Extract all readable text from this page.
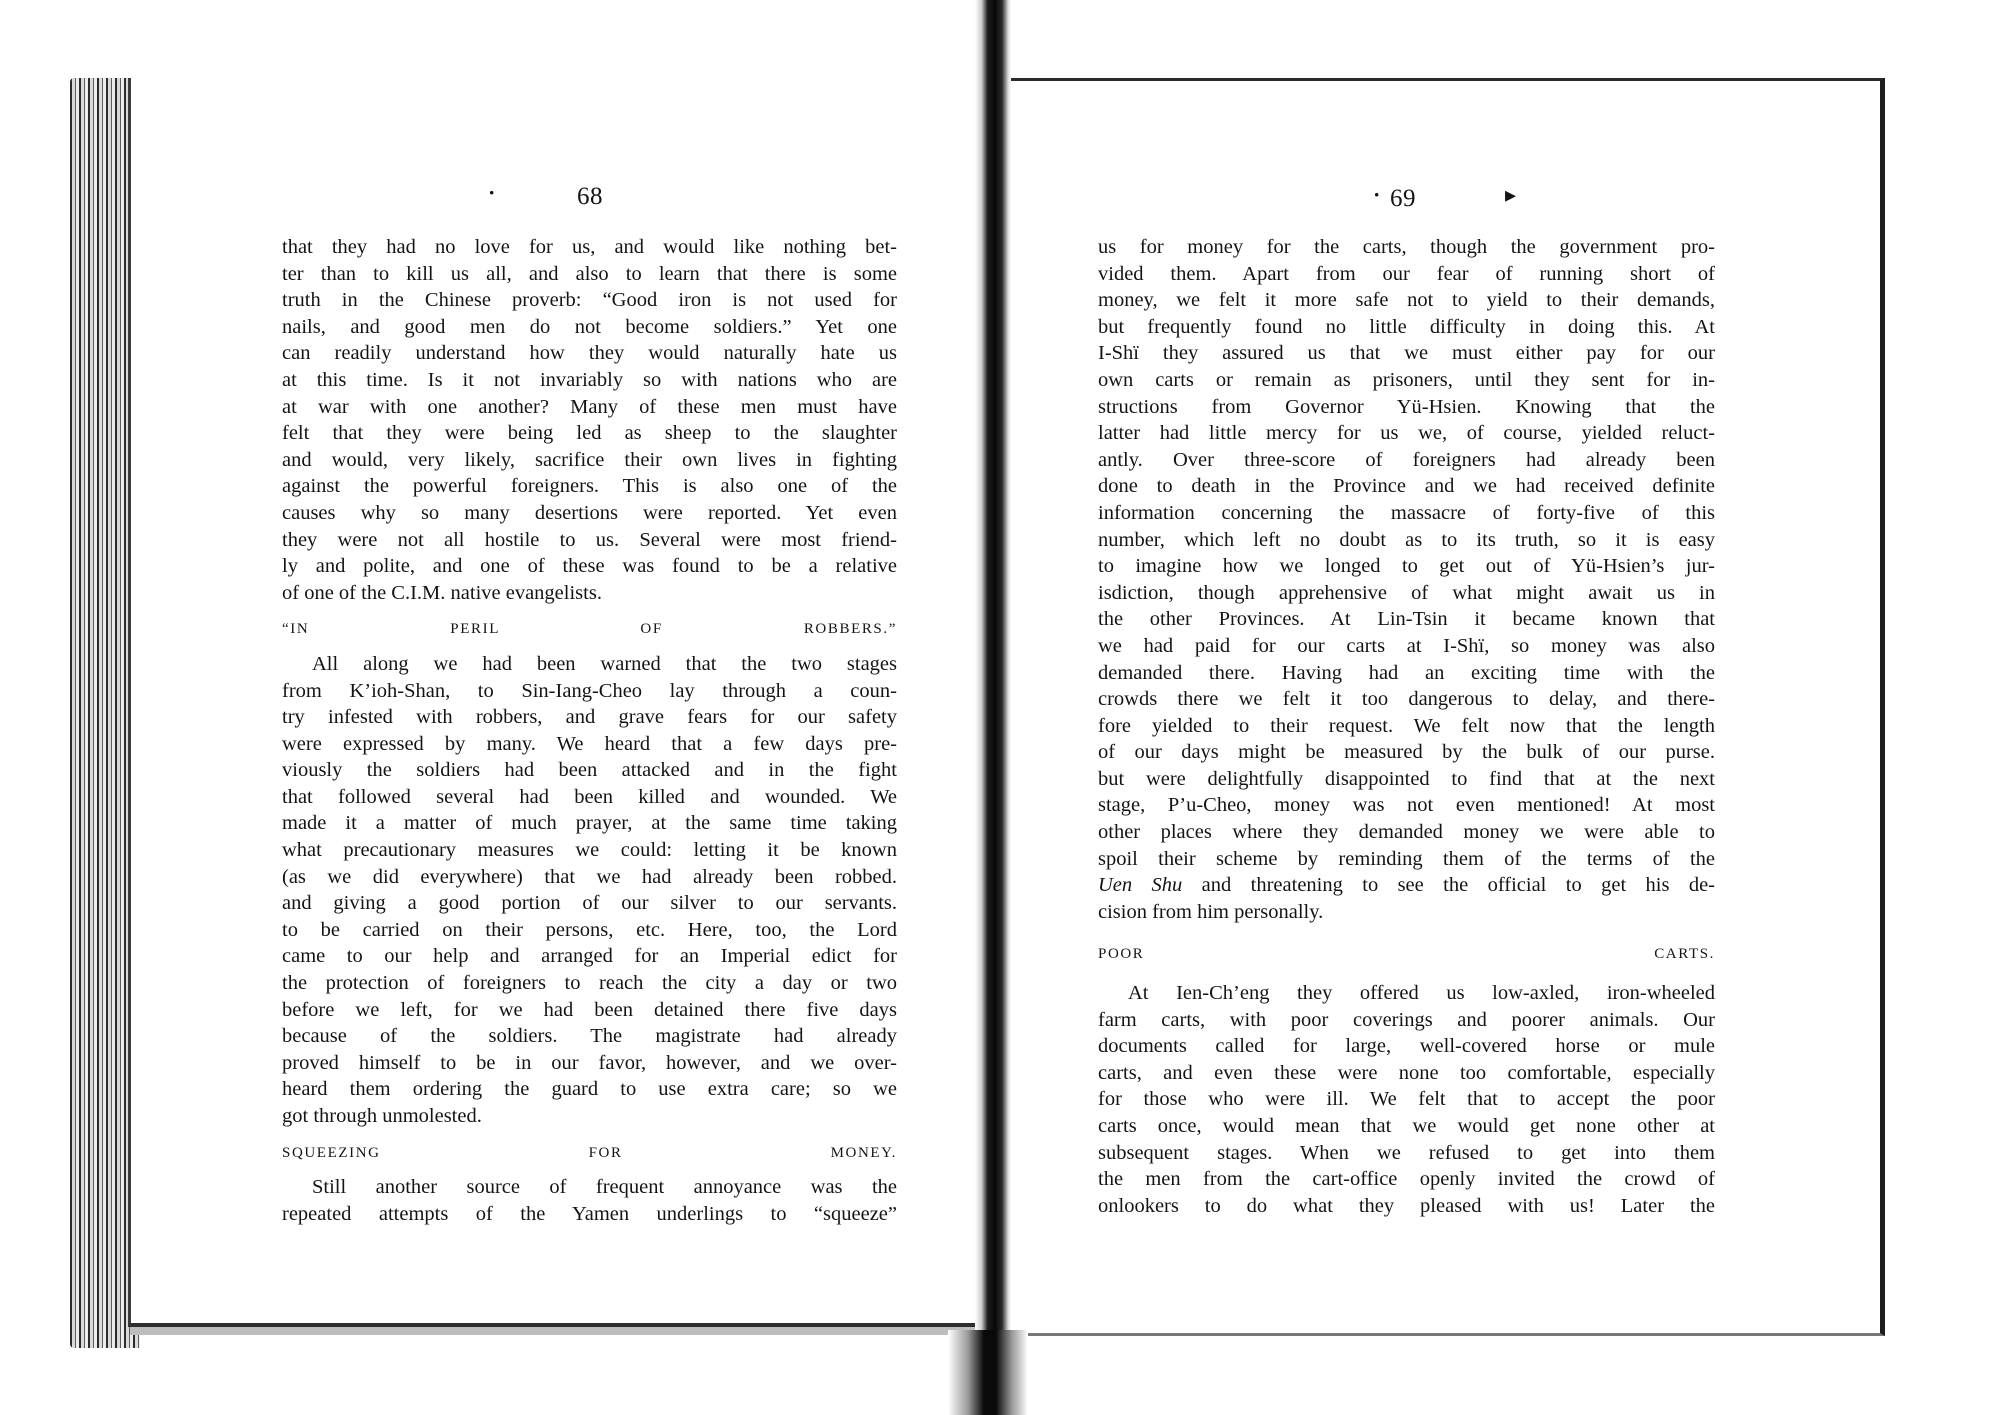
·	68	· 69	▸
that they had no love for us, and would like nothing bet-
ter than to kill us all, and also to learn that there is some
truth in the Chinese proverb: “Good iron is not used for
nails, and good men do not become soldiers.” Yet one
can readily understand how they would naturally hate us
at this time. Is it not invariably so with nations who are
at war with one another? Many of these men must have
felt that they were being led as sheep to the slaughter
and would, very likely, sacrifice their own lives in fighting
against the powerful foreigners. This is also one of the
causes why so many desertions were reported. Yet even
they were not all hostile to us. Several were most friend-
ly and polite, and one of these was found to be a relative
of one of the C.I.M. native evangelists.
“IN PERIL OF ROBBERS.”
All along we had been warned that the two stages
from K’ioh-Shan, to Sin-Iang-Cheo lay through a coun-
try infested with robbers, and grave fears for our safety
were expressed by many. We heard that a few days pre-
viously the soldiers had been attacked and in the fight
that followed several had been killed and wounded. We
made it a matter of much prayer, at the same time taking
what precautionary measures we could: letting it be known
(as we did everywhere) that we had already been robbed.
and giving a good portion of our silver to our servants.
to be carried on their persons, etc. Here, too, the Lord
came to our help and arranged for an Imperial edict for
the protection of foreigners to reach the city a day or two
before we left, for we had been detained there five days
because of the soldiers. The magistrate had already
proved himself to be in our favor, however, and we over-
heard them ordering the guard to use extra care; so we
got through unmolested.
SQUEEZING FOR MONEY.
Still another source of frequent annoyance was the
repeated attempts of the Yamen underlings to “squeeze”
us for money for the carts, though the government pro-
vided them. Apart from our fear of running short of
money, we felt it more safe not to yield to their demands,
but frequently found no little difficulty in doing this. At
I-Shï they assured us that we must either pay for our
own carts or remain as prisoners, until they sent for in-
structions from Governor Yü-Hsien. Knowing that the
latter had little mercy for us we, of course, yielded reluct-
antly. Over three-score of foreigners had already been
done to death in the Province and we had received definite
information concerning the massacre of forty-five of this
number, which left no doubt as to its truth, so it is easy
to imagine how we longed to get out of Yü-Hsien’s jur-
isdiction, though apprehensive of what might await us in
the other Provinces. At Lin-Tsin it became known that
we had paid for our carts at I-Shï, so money was also
demanded there. Having had an exciting time with the
crowds there we felt it too dangerous to delay, and there-
fore yielded to their request. We felt now that the length
of our days might be measured by the bulk of our purse.
but were delightfully disappointed to find that at the next
stage, P’u-Cheo, money was not even mentioned! At most
other places where they demanded money we were able to
spoil their scheme by reminding them of the terms of the
Uen Shu and threatening to see the official to get his de-
cision from him personally.
POOR CARTS.
At Ien-Ch’eng they offered us low-axled, iron-wheeled
farm carts, with poor coverings and poorer animals. Our
documents called for large, well-covered horse or mule
carts, and even these were none too comfortable, especially
for those who were ill. We felt that to accept the poor
carts once, would mean that we would get none other at
subsequent stages. When we refused to get into them
the men from the cart-office openly invited the crowd of
onlookers to do what they pleased with us! Later the
